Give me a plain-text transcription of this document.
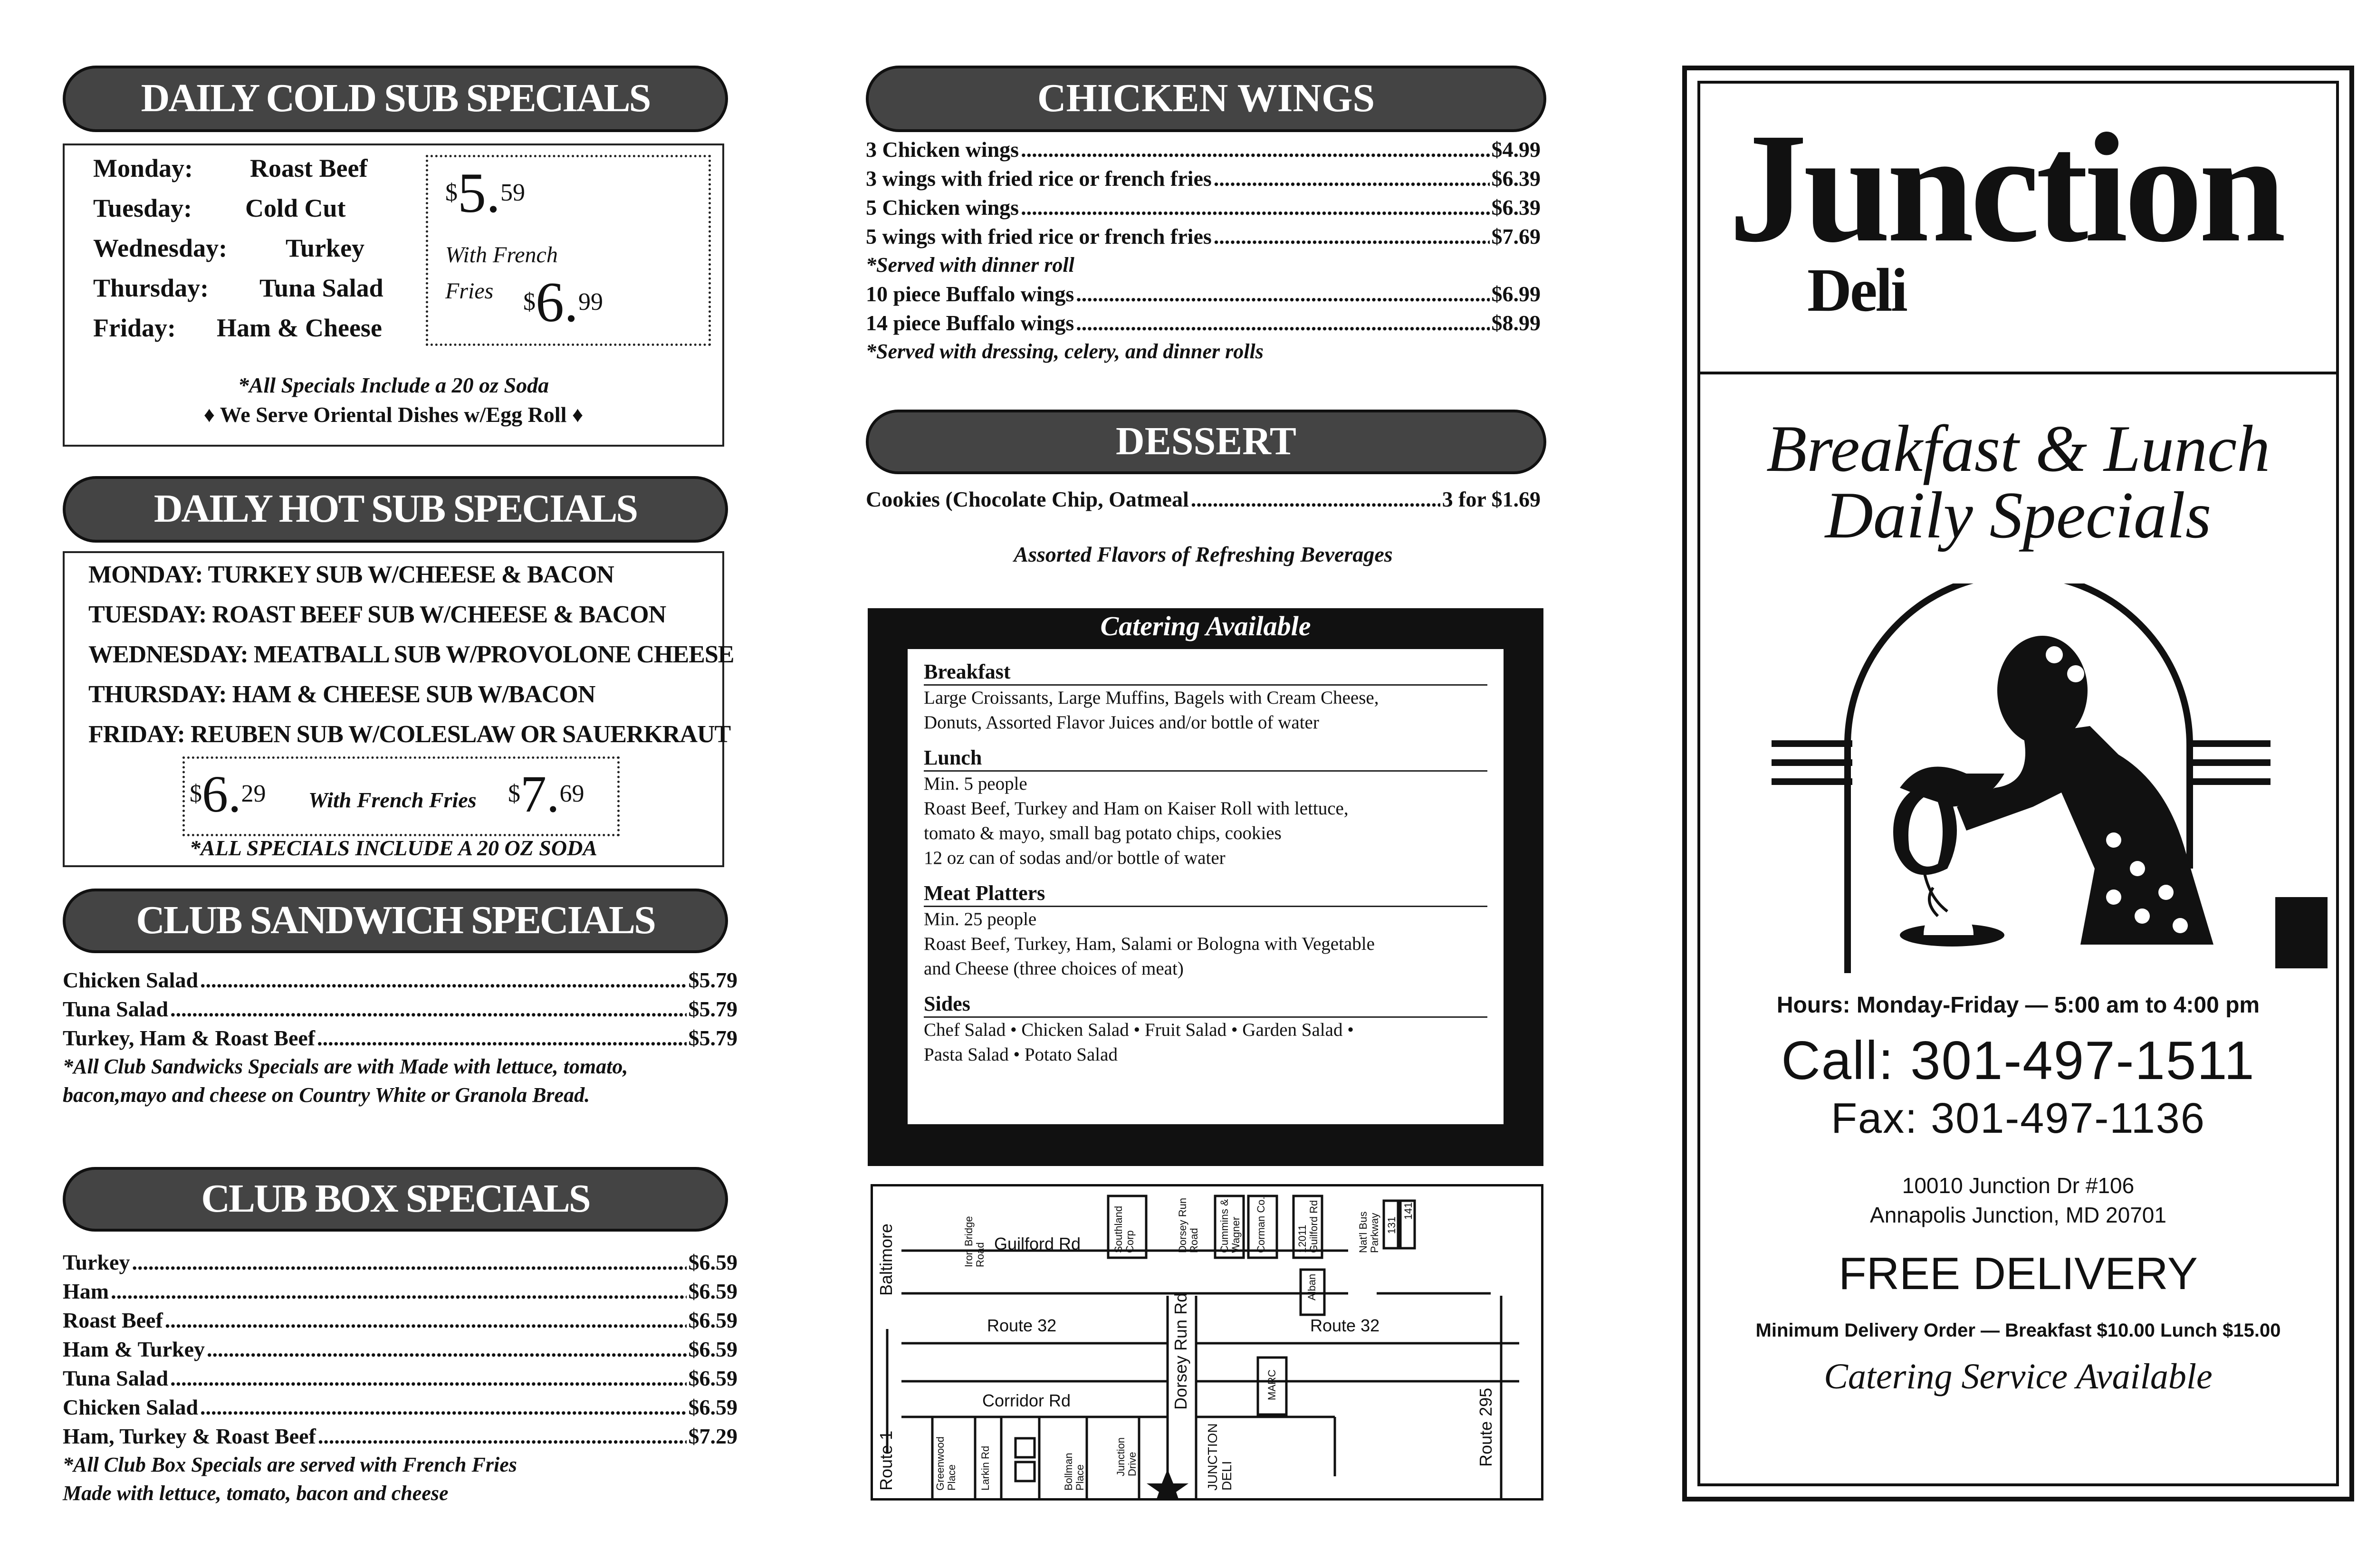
DAILY COLD SUB SPECIALS
Monday: Roast Beef
Tuesday: Cold Cut
Wednesday: Turkey
Thursday: Tuna Salad
Friday: Ham & Cheese
$5.59
With French Fries	$6.99
*All Specials Include a 20 oz Soda
♦ We Serve Oriental Dishes w/Egg Roll ♦
DAILY HOT SUB SPECIALS
MONDAY: TURKEY SUB W/CHEESE & BACON
TUESDAY: ROAST BEEF SUB W/CHEESE & BACON
WEDNESDAY: MEATBALL SUB W/PROVOLONE CHEESE
THURSDAY: HAM & CHEESE SUB W/BACON
FRIDAY: REUBEN SUB W/COLESLAW OR SAUERKRAUT
$6.29 With French Fries $7.69
*ALL SPECIALS INCLUDE A 20 OZ SODA
CLUB SANDWICH SPECIALS
Chicken Salad .....	$5.79
Tuna Salad .....	$5.79
Turkey, Ham & Roast Beef .....	$5.79
*All Club Sandwicks Specials are with Made with lettuce, tomato, bacon,mayo and cheese on Country White or Granola Bread.
CLUB BOX SPECIALS
Turkey .....	$6.59
Ham .....	$6.59
Roast Beef .....	$6.59
Ham & Turkey .....	$6.59
Tuna Salad .....	$6.59
Chicken Salad .....	$6.59
Ham, Turkey & Roast Beef .....	$7.29
*All Club Box Specials are served with French Fries
Made with lettuce, tomato, bacon and cheese
CHICKEN WINGS
3 Chicken wings .....	$4.99
3 wings with fried rice or french fries .....	$6.39
5 Chicken wings .....	$6.39
5 wings with fried rice or french fries .....	$7.69
*Served with dinner roll
10 piece Buffalo wings .....	$6.99
14 piece Buffalo wings .....	$8.99
*Served with dressing, celery, and dinner rolls
DESSERT
Cookies (Chocolate Chip, Oatmeal .....	3 for $1.69
Assorted Flavors of Refreshing Beverages
Catering Available
Breakfast
Large Croissants, Large Muffins, Bagels with Cream Cheese,
Donuts, Assorted Flavor Juices and/or bottle of water
Lunch
Min. 5 people
Roast Beef, Turkey and Ham on Kaiser Roll with lettuce,
tomato & mayo, small bag potato chips, cookies
12 oz can of sodas and/or bottle of water
Meat Platters
Min. 25 people
Roast Beef, Turkey, Ham, Salami or Bologna with Vegetable
and Cheese (three choices of meat)
Sides
Chef Salad • Chicken Salad • Fruit Salad • Garden Salad •
Pasta Salad • Potato Salad
Guilford Rd
Route 32	Route 32
Corridor Rd	Dorsey Run Rd
Route 1
Baltimore
Route 295
Iron Bridge Road
Southland Corp	Dorsey Run Road Cummins & Wagner Corman Co.	12011 Guilford Rd	Nat'l Bus Parkway 131
141
Alban
MARC
Greenwood Place Larkin Rd	Bollman Place
Junction Drive	JUNCTION DELI
Junction
Deli
Breakfast & Lunch
Daily Specials
Hours: Monday-Friday — 5:00 am to 4:00 pm
Call: 301-497-1511
Fax: 301-497-1136
10010 Junction Dr #106
Annapolis Junction, MD 20701
FREE DELIVERY
Minimum Delivery Order — Breakfast $10.00 Lunch $15.00
Catering Service Available
